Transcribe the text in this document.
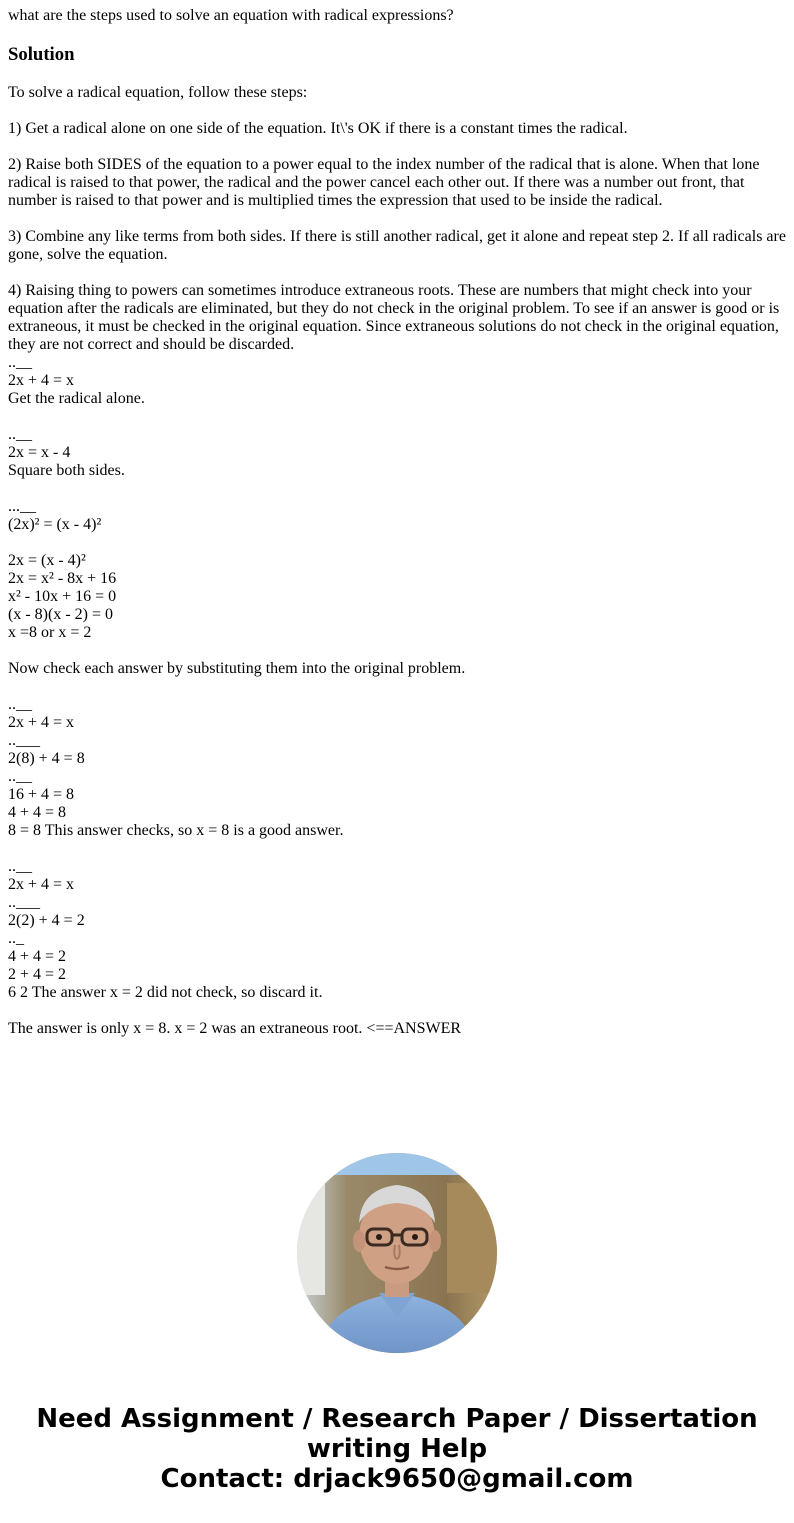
what are the steps used to solve an equation with radical expressions?

Solution
To solve a radical equation, follow these steps:
1) Get a radical alone on one side of the equation. It\'s OK if there is a constant times the radical.
2) Raise both SIDES of the equation to a power equal to the index number of the radical that is alone. When that lone radical is raised to that power, the radical and the power cancel each other out. If there was a number out front, that number is raised to that power and is multiplied times the expression that used to be inside the radical.
3) Combine any like terms from both sides. If there is still another radical, get it alone and repeat step 2. If all radicals are gone, solve the equation.
4) Raising thing to powers can sometimes introduce extraneous roots. These are numbers that might check into your equation after the radicals are eliminated, but they do not check in the original problem. To see if an answer is good or is extraneous, it must be checked in the original equation. Since extraneous solutions do not check in the original equation, they are not correct and should be discarded.
..__
2x + 4 = x
Get the radical alone.
..__
2x = x - 4
Square both sides.
...__
(2x)² = (x - 4)²
2x = (x - 4)²
2x = x² - 8x + 16
x² - 10x + 16 = 0
(x - 8)(x - 2) = 0
x =8 or x = 2
Now check each answer by substituting them into the original problem.
..__
2x + 4 = x
..___
2(8) + 4 = 8
..__
16 + 4 = 8
4 + 4 = 8
8 = 8 This answer checks, so x = 8 is a good answer.
..__
2x + 4 = x
..___
2(2) + 4 = 2
.._
4 + 4 = 2
2 + 4 = 2
6 2 The answer x = 2 did not check, so discard it.
The answer is only x = 8. x = 2 was an extraneous root. <==ANSWER
Need Assignment / Research Paper / Dissertation
writing Help
Contact: drjack9650@gmail.com
